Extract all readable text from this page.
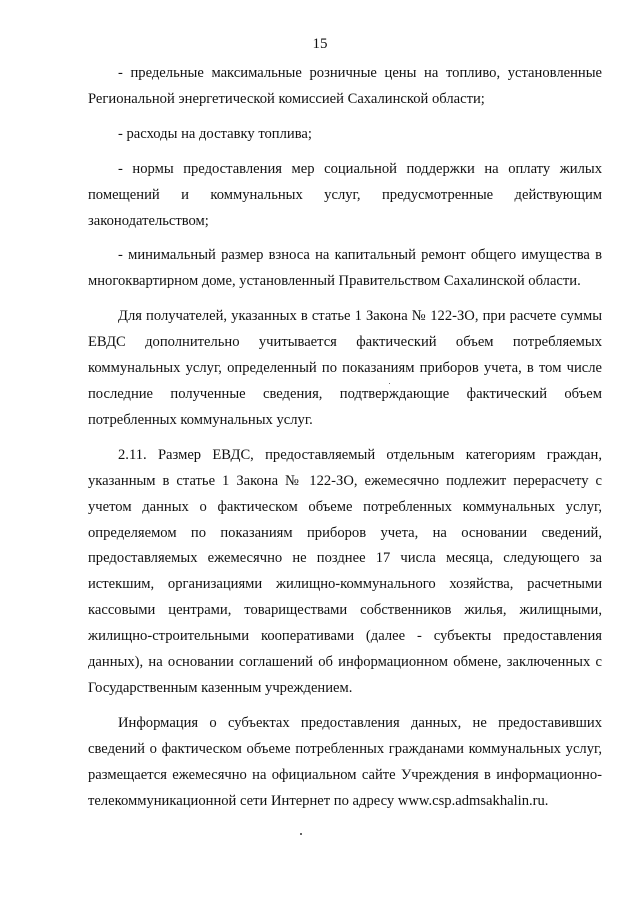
15

- предельные максимальные розничные цены на топливо, установленные Региональной энергетической комиссией Сахалинской области;

- расходы на доставку топлива;

- нормы предоставления мер социальной поддержки на оплату жилых помещений и коммунальных услуг, предусмотренные действующим законодательством;

- минимальный размер взноса на капитальный ремонт общего имущества в многоквартирном доме, установленный Правительством Сахалинской области.

Для получателей, указанных в статье 1 Закона № 122-ЗО, при расчете суммы ЕВДС дополнительно учитывается фактический объем потребляемых коммунальных услуг, определенный по показаниям приборов учета, в том числе последние полученные сведения, подтверждающие фактический объем потребленных коммунальных услуг.

2.11. Размер ЕВДС, предоставляемый отдельным категориям граждан, указанным в статье 1 Закона № 122-ЗО, ежемесячно подлежит перерасчету с учетом данных о фактическом объеме потребленных коммунальных услуг, определяемом по показаниям приборов учета, на основании сведений, предоставляемых ежемесячно не позднее 17 числа месяца, следующего за истекшим, организациями жилищно-коммунального хозяйства, расчетными кассовыми центрами, товариществами собственников жилья, жилищными, жилищно-строительными кооперативами (далее - субъекты предоставления данных), на основании соглашений об информационном обмене, заключенных с Государственным казенным учреждением.

Информация о субъектах предоставления данных, не предоставивших сведений о фактическом объеме потребленных гражданами коммунальных услуг, размещается ежемесячно на официальном сайте Учреждения в информационно-телекоммуникационной сети Интернет по адресу www.csp.admsakhalin.ru.
